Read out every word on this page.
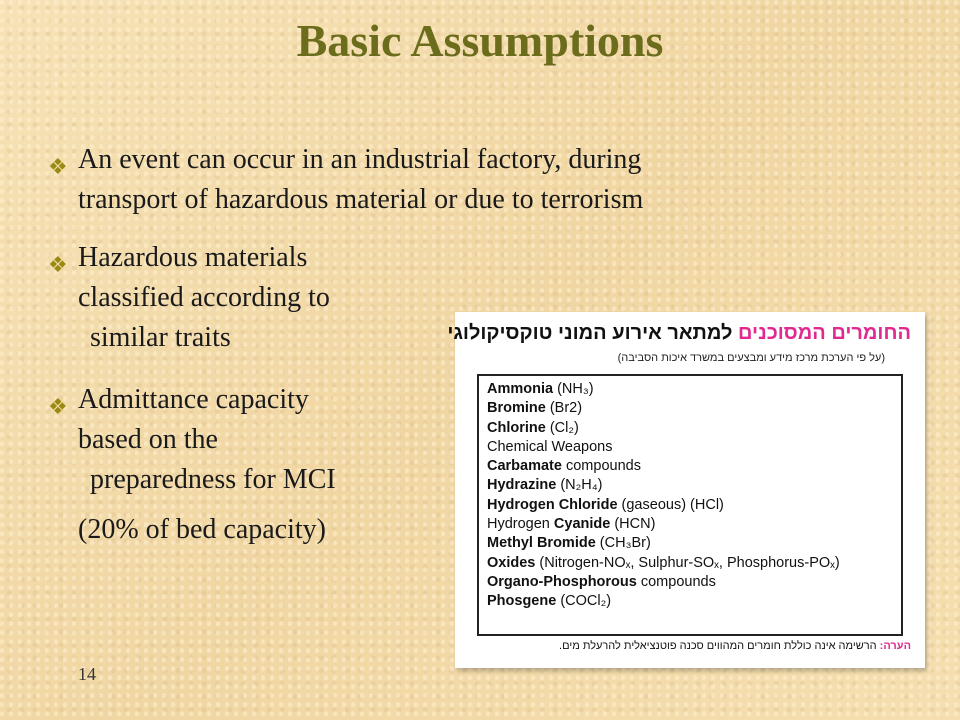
Basic Assumptions
❖ An event can occur in an industrial factory, during
transport of hazardous material or due to terrorism
❖ Hazardous materials
classified according to
similar traits
❖ Admittance capacity
based on the
preparedness for MCI
(20% of bed capacity)
14
החומרים המסוכנים למתאר אירוע המוני טוקסיקולוגי
(על פי הערכת מרכז מידע ומבצעים במשרד איכות הסביבה)
Ammonia (NH₃)
Bromine (Br2)
Chlorine (Cl₂)
Chemical Weapons
Carbamate compounds
Hydrazine (N₂H₄)
Hydrogen Chloride (gaseous) (HCl)
Hydrogen Cyanide (HCN)
Methyl Bromide (CH₃Br)
Oxides (Nitrogen-NOₓ, Sulphur-SOₓ, Phosphorus-POₓ)
Organo-Phosphorous compounds
Phosgene (COCl₂)
הערה: הרשימה אינה כוללת חומרים המהווים סכנה פוטנציאלית להרעלת מים.
